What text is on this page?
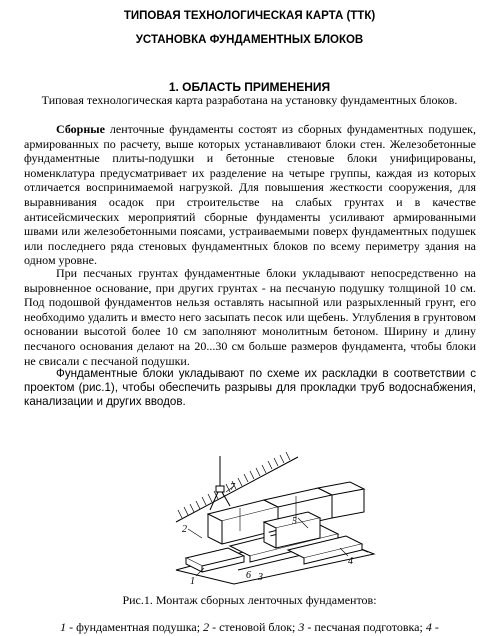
ТИПОВАЯ ТЕХНОЛОГИЧЕСКАЯ КАРТА (ТТК)
УСТАНОВКА ФУНДАМЕНТНЫХ БЛОКОВ
1. ОБЛАСТЬ ПРИМЕНЕНИЯ
Типовая технологическая карта разработана на установку фундаментных блоков.

Сборные ленточные фундаменты состоят из сборных фундаментных подушек, армированных по расчету, выше которых устанавливают блоки стен. Железобетонные фундаментные плиты-подушки и бетонные стеновые блоки унифицированы, номенклатура предусматривает их разделение на четыре группы, каждая из которых отличается воспринимаемой нагрузкой. Для повышения жесткости сооружения, для выравнивания осадок при строительстве на слабых грунтах и в качестве антисейсмических мероприятий сборные фундаменты усиливают армированными швами или железобетонными поясами, устраиваемыми поверх фундаментных подушек или последнего ряда стеновых фундаментных блоков по всему периметру здания на одном уровне.

При песчаных грунтах фундаментные блоки укладывают непосредственно на выровненное основание, при других грунтах - на песчаную подушку толщиной 10 см. Под подошвой фундаментов нельзя оставлять насыпной или разрыхленный грунт, его необходимо удалить и вместо него засыпать песок или щебень. Углубления в грунтовом основании высотой более 10 см заполняют монолитным бетоном. Ширину и длину песчаного основания делают на 20...30 см больше размеров фундамента, чтобы блоки не свисали с песчаной подушки.

Фундаментные блоки укладывают по схеме их раскладки в соответствии с проектом (рис.1), чтобы обеспечить разрывы для прокладки труб водоснабжения, канализации и других вводов.

2
1
6 3
4
5
7
Рис.1. Монтаж сборных ленточных фундаментов:
1 - фундаментная подушка; 2 - стеновой блок; 3 - песчаная подготовка; 4 -
